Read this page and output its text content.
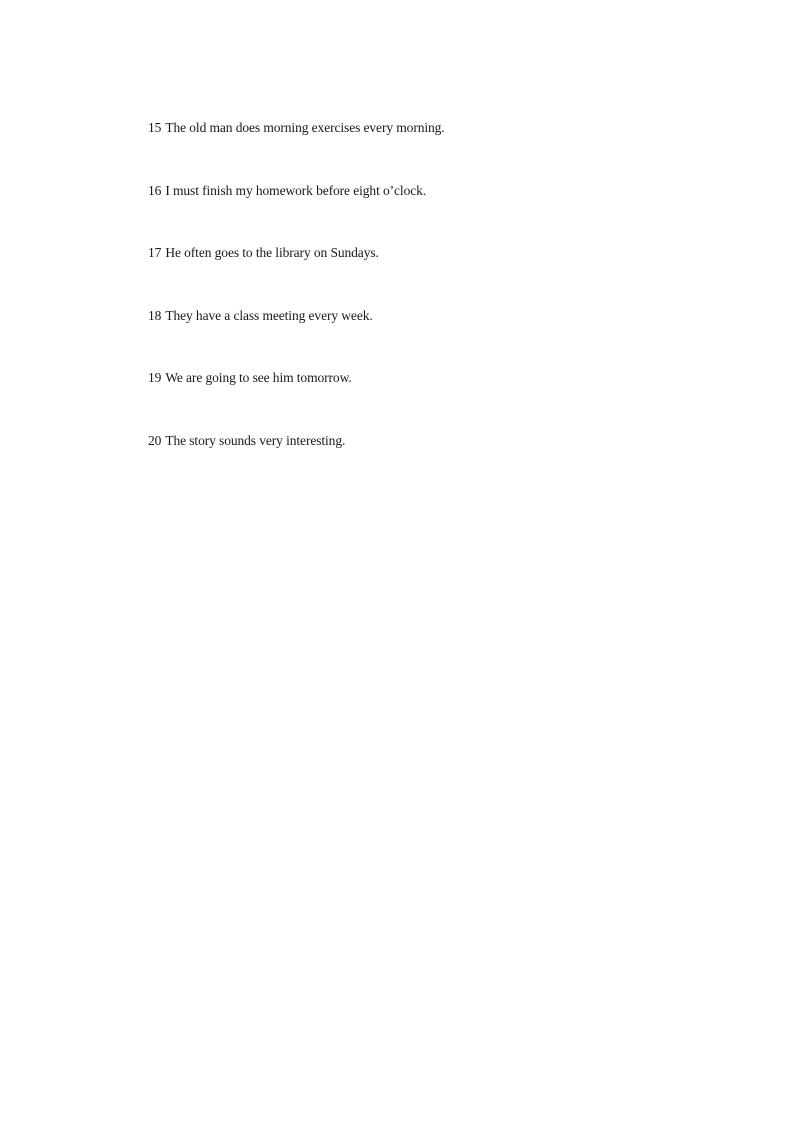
15 The old man does morning exercises every morning.
16 I must finish my homework before eight o’clock.
17 He often goes to the library on Sundays.
18 They have a class meeting every week.
19 We are going to see him tomorrow.
20 The story sounds very interesting.
